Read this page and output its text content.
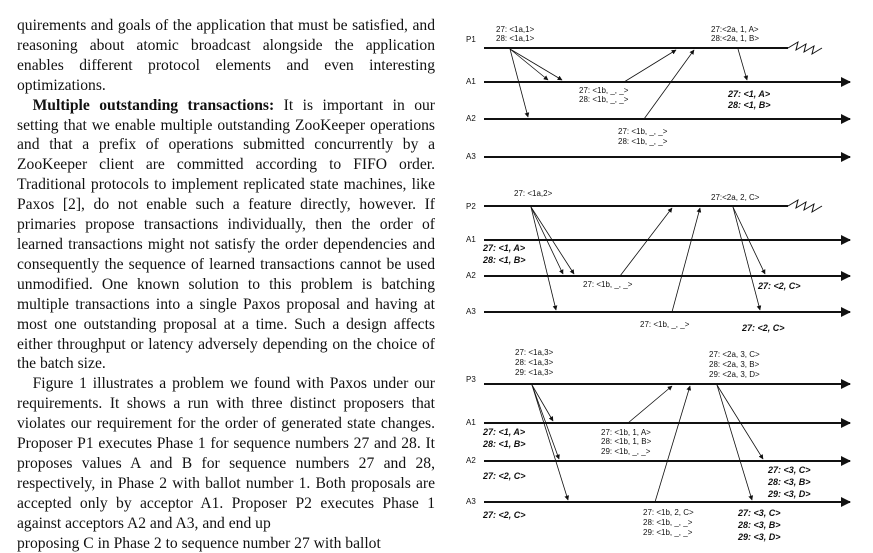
quirements and goals of the application that must be satisfied, and reasoning about atomic broadcast alongside the application enables different protocol elements and even interesting optimizations.

Multiple outstanding transactions: It is important in our setting that we enable multiple outstanding ZooKeeper operations and that a prefix of operations submitted concurrently by a ZooKeeper client are committed according to FIFO order. Traditional protocols to implement replicated state machines, like Paxos [2], do not enable such a feature directly, however. If primaries propose transactions individually, then the order of learned transactions might not satisfy the order dependencies and consequently the sequence of learned transactions cannot be used unmodified. One known solution to this problem is batching multiple transactions into a single Paxos proposal and having at most one outstanding proposal at a time. Such a design affects either throughput or latency adversely depending on the choice of the batch size.

Figure 1 illustrates a problem we found with Paxos under our requirements. It shows a run with three distinct proposers that violates our requirement for the order of generated state changes. Proposer P1 executes Phase 1 for sequence numbers 27 and 28. It proposes values A and B for sequence numbers 27 and 28, respectively, in Phase 2 with ballot number 1. Both proposals are accepted only by acceptor A1. Proposer P2 executes Phase 1 against acceptors A2 and A3, and end up

proposing C in Phase 2 to sequence number 27 with ballot

P1
A1
A2
A3
27: <1a,1>
28: <1a,1>
27:<2a, 1, A>
28:<2a, 1, B>
27: <1b, _, _>
28: <1b, _, _>
27: <1b, _, _>
28: <1b, _, _>
27: <1, A>
28: <1, B>
P2
A1
A2
A3
27: <1a,2>	27:<2a, 2, C>
27: <1, A>
28: <1, B>
27: <1b, _, _>
27: <1b, _, _>
27: <2, C>
27: <2, C>
P3
A1
A2
A3
27: <1a,3>
28: <1a,3>
29: <1a,3>
27: <2a, 3, C>
28: <2a, 3, B>
29: <2a, 3, D>
27: <1, A>
28: <1, B>
27: <1b, 1, A>
28: <1b, 1, B>
29: <1b, _, _>
27: <2, C>
27: <3, C>
28: <3, B>
29: <3, D>
27: <2, C>	27: <1b, 2, C>
28: <1b, _, _>
29: <1b, _, _>
27: <3, C>
28: <3, B>
29: <3, D>
